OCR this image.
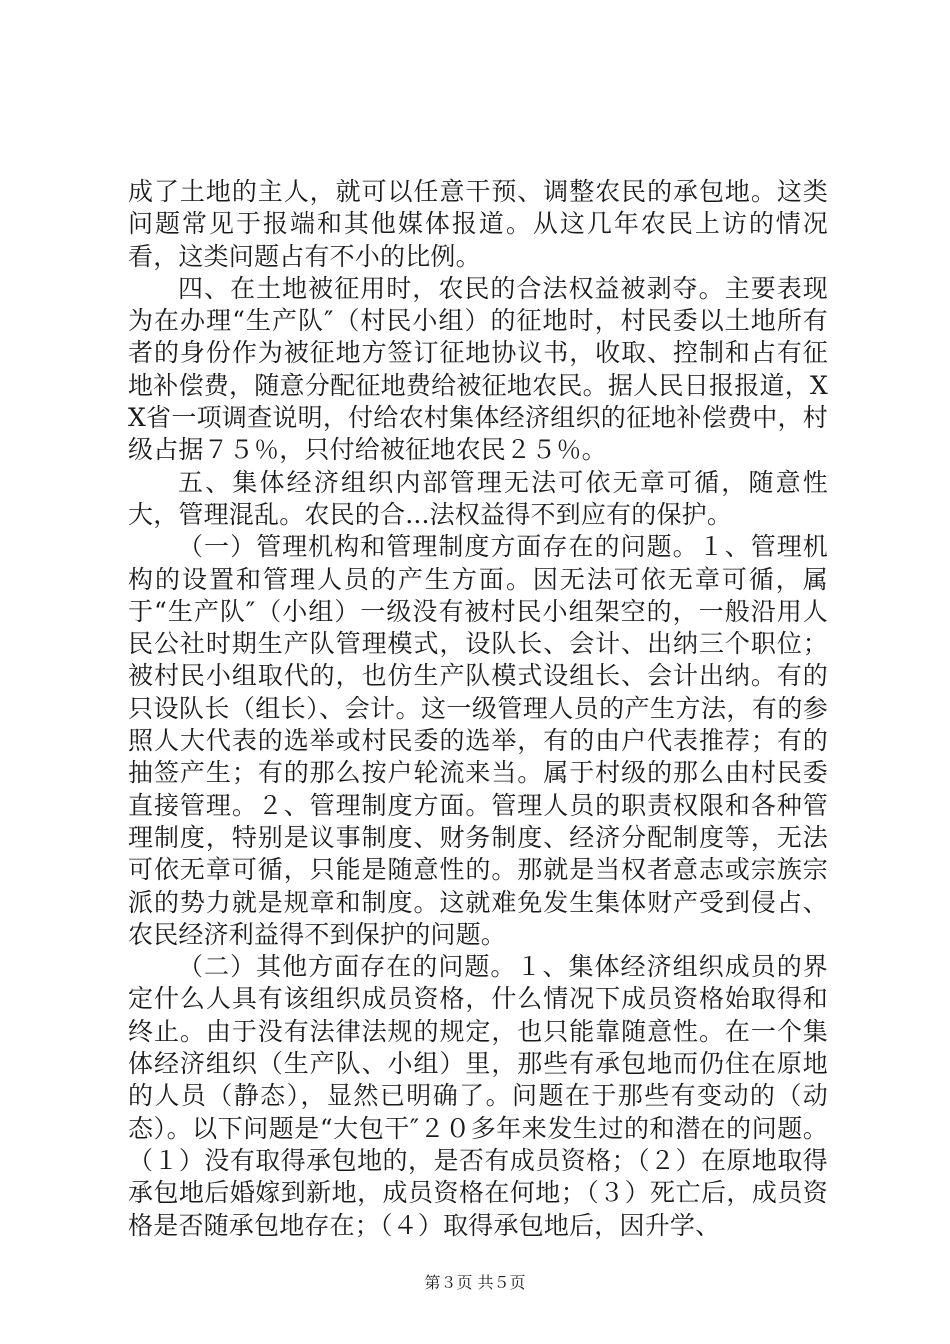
成了土地的主人，就可以任意干预、调整农民的承包地。这类问题常见于报端和其他媒体报道。从这几年农民上访的情况看，这类问题占有不小的比例。

四、在土地被征用时，农民的合法权益被剥夺。主要表现为在办理“生产队″（村民小组）的征地时，村民委以土地所有者的身份作为被征地方签订征地协议书，收取、控制和占有征地补偿费，随意分配征地费给被征地农民。据人民日报报道，XX省一项调查说明，付给农村集体经济组织的征地补偿费中，村级占据７５％，只付给被征地农民２５％。

五、集体经济组织内部管理无法可依无章可循，随意性大，管理混乱。农民的合...法权益得不到应有的保护。

（一）管理机构和管理制度方面存在的问题。１、管理机构的设置和管理人员的产生方面。因无法可依无章可循，属于“生产队″（小组）一级没有被村民小组架空的，一般沿用人民公社时期生产队管理模式，设队长、会计、出纳三个职位；被村民小组取代的，也仿生产队模式设组长、会计出纳。有的只设队长（组长）、会计。这一级管理人员的产生方法，有的参照人大代表的选举或村民委的选举，有的由户代表推荐；有的抽签产生；有的那么按户轮流来当。属于村级的那么由村民委直接管理。２、管理制度方面。管理人员的职责权限和各种管理制度，特别是议事制度、财务制度、经济分配制度等，无法可依无章可循，只能是随意性的。那就是当权者意志或宗族宗派的势力就是规章和制度。这就难免发生集体财产受到侵占、农民经济利益得不到保护的问题。

（二）其他方面存在的问题。１、集体经济组织成员的界定什么人具有该组织成员资格，什么情况下成员资格始取得和终止。由于没有法律法规的规定，也只能靠随意性。在一个集体经济组织（生产队、小组）里，那些有承包地而仍住在原地的人员（静态），显然已明确了。问题在于那些有变动的（动态）。以下问题是“大包干″２０多年来发生过的和潜在的问题。（１）没有取得承包地的，是否有成员资格；（２）在原地取得承包地后婚嫁到新地，成员资格在何地；（３）死亡后，成员资格是否随承包地存在；（４）取得承包地后，因升学、

第３页 共５页
